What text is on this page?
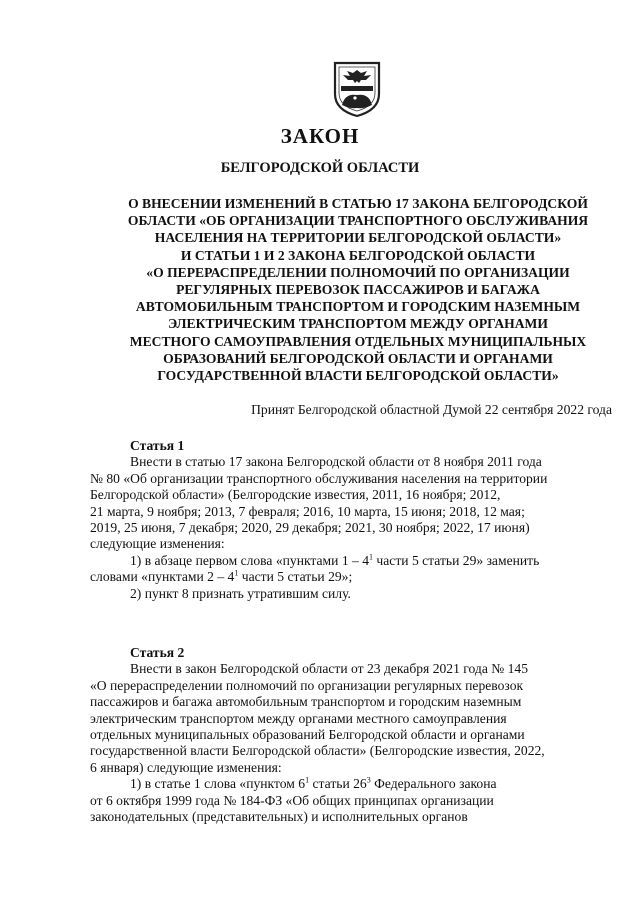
ЗАКОН
БЕЛГОРОДСКОЙ ОБЛАСТИ
О ВНЕСЕНИИ ИЗМЕНЕНИЙ В СТАТЬЮ 17 ЗАКОНА БЕЛГОРОДСКОЙ
ОБЛАСТИ «ОБ ОРГАНИЗАЦИИ ТРАНСПОРТНОГО ОБСЛУЖИВАНИЯ
НАСЕЛЕНИЯ НА ТЕРРИТОРИИ БЕЛГОРОДСКОЙ ОБЛАСТИ»
И СТАТЬИ 1 И 2 ЗАКОНА БЕЛГОРОДСКОЙ ОБЛАСТИ
«О ПЕРЕРАСПРЕДЕЛЕНИИ ПОЛНОМОЧИЙ ПО ОРГАНИЗАЦИИ
РЕГУЛЯРНЫХ ПЕРЕВОЗОК ПАССАЖИРОВ И БАГАЖА
АВТОМОБИЛЬНЫМ ТРАНСПОРТОМ И ГОРОДСКИМ НАЗЕМНЫМ
ЭЛЕКТРИЧЕСКИМ ТРАНСПОРТОМ МЕЖДУ ОРГАНАМИ
МЕСТНОГО САМОУПРАВЛЕНИЯ ОТДЕЛЬНЫХ МУНИЦИПАЛЬНЫХ
ОБРАЗОВАНИЙ БЕЛГОРОДСКОЙ ОБЛАСТИ И ОРГАНАМИ
ГОСУДАРСТВЕННОЙ ВЛАСТИ БЕЛГОРОДСКОЙ ОБЛАСТИ»
Принят Белгородской областной Думой 22 сентября 2022 года
Статья 1
Внести в статью 17 закона Белгородской области от 8 ноября 2011 года
№ 80 «Об организации транспортного обслуживания населения на территории
Белгородской области» (Белгородские известия, 2011, 16 ноября; 2012,
21 марта, 9 ноября; 2013, 7 февраля; 2016, 10 марта, 15 июня; 2018, 12 мая;
2019, 25 июня, 7 декабря; 2020, 29 декабря; 2021, 30 ноября; 2022, 17 июня)
следующие изменения:
1) в абзаце первом слова «пунктами $1 - 4^1$ части 5 статьи 29» заменить
словами «пунктами $2 - 4^1$ части 5 статьи 29»;
2) пункт 8 признать утратившим силу.
Статья 2
Внести в закон Белгородской области от 23 декабря 2021 года № 145
«О перераспределении полномочий по организации регулярных перевозок
пассажиров и багажа автомобильным транспортом и городским наземным
электрическим транспортом между органами местного самоуправления
отдельных муниципальных образований Белгородской области и органами
государственной власти Белгородской области» (Белгородские известия, 2022,
6 января) следующие изменения:
1) в статье 1 слова «пунктом $6^1$ статьи $26^3$ Федерального закона
от 6 октября 1999 года № 184-ФЗ «Об общих принципах организации
законодательных (представительных) и исполнительных органов
